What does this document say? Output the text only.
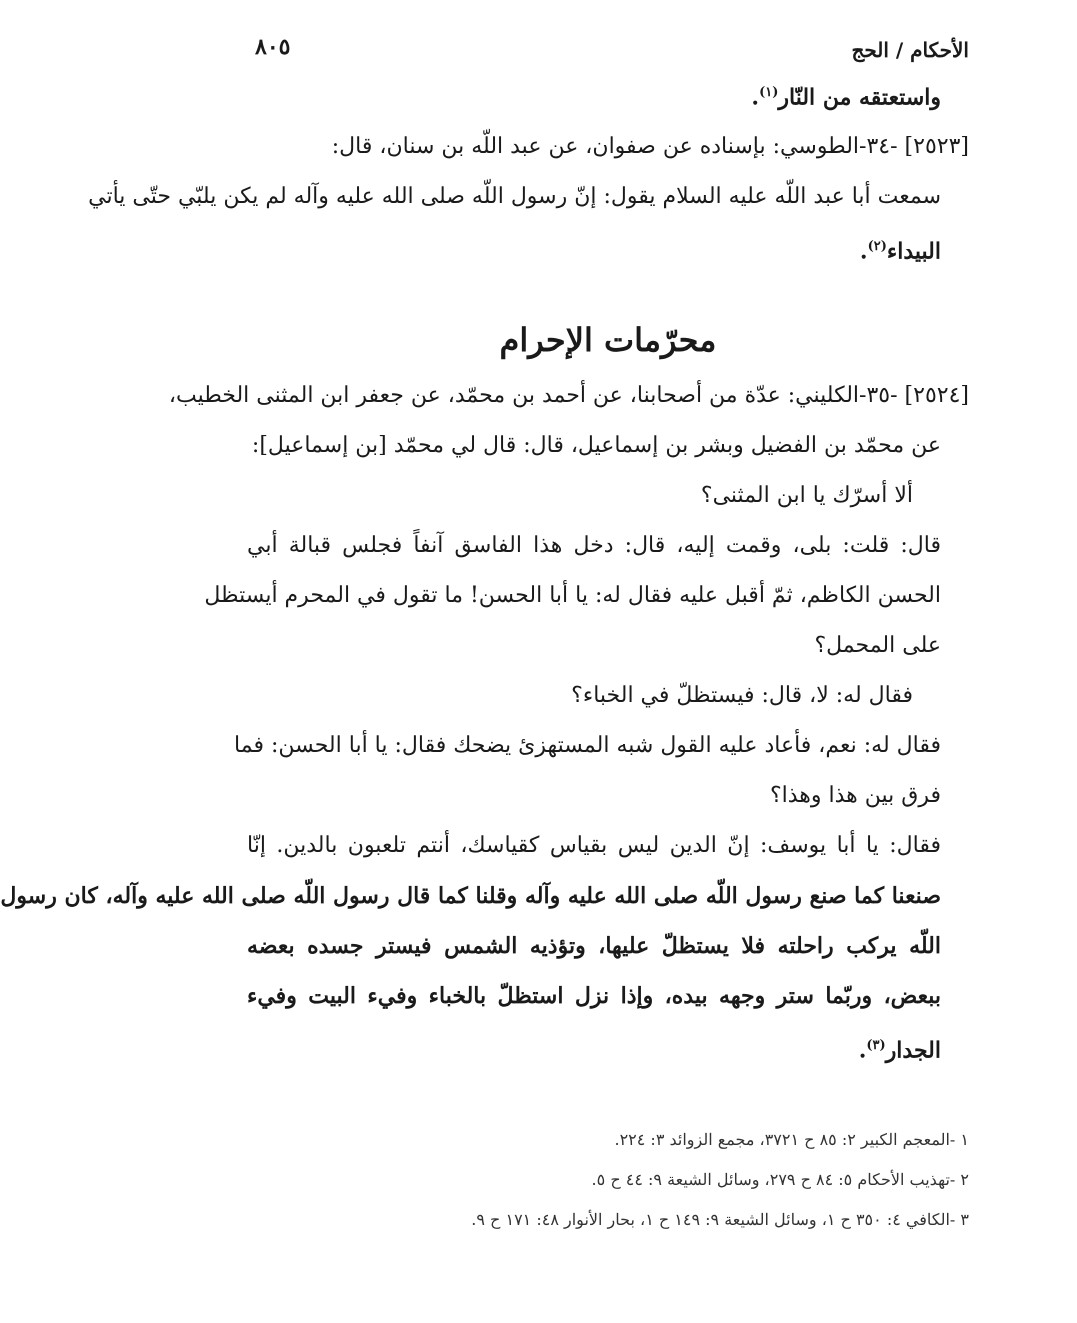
الأحكام / الحج
٨٠٥
واستعتقه من النّار$^{(١)}$.
[٢٥٢٣] -٣٤-الطوسي: بإسناده عن صفوان، عن عبد اللّه بن سنان، قال:
سمعت أبا عبد اللّه عليه السلام يقول: إنّ رسول اللّه صلى الله عليه وآله لم يكن يلبّي حتّى يأتي
البيداء$^{(٢)}$.
محرّمات الإحرام
[٢٥٢٤] -٣٥-الكليني: عدّة من أصحابنا، عن أحمد بن محمّد، عن جعفر ابن المثنى الخطيب،
عن محمّد بن الفضيل وبشر بن إسماعيل، قال: قال لي محمّد [بن إسماعيل]:
ألا أسرّك يا ابن المثنى؟
قال: قلت: بلى، وقمت إليه، قال: دخل هذا الفاسق آنفاً فجلس قبالة أبي
الحسن الكاظم، ثمّ أقبل عليه فقال له: يا أبا الحسن! ما تقول في المحرم أيستظل
على المحمل؟
فقال له: لا، قال: فيستظلّ في الخباء؟
فقال له: نعم، فأعاد عليه القول شبه المستهزئ يضحك فقال: يا أبا الحسن: فما
فرق بين هذا وهذا؟
فقال: يا أبا يوسف: إنّ الدين ليس بقياس كقياسك، أنتم تلعبون بالدين. إنّا
صنعنا كما صنع رسول اللّه صلى الله عليه وآله وقلنا كما قال رسول اللّه صلى الله عليه وآله، كان رسول
اللّه يركب راحلته فلا يستظلّ عليها، وتؤذيه الشمس فيستر جسده بعضه
ببعض، وربّما ستر وجهه بيده، وإذا نزل استظلّ بالخباء وفيء البيت وفيء
الجدار$^{(٣)}$.
١ -المعجم الكبير ٢: ٨٥ ح ٣٧٢١، مجمع الزوائد ٣: ٢٢٤.
٢ -تهذيب الأحكام ٥: ٨٤ ح ٢٧٩، وسائل الشيعة ٩: ٤٤ ح ٥.
٣ -الكافي ٤: ٣٥٠ ح ١، وسائل الشيعة ٩: ١٤٩ ح ١، بحار الأنوار ٤٨: ١٧١ ح ٩.
